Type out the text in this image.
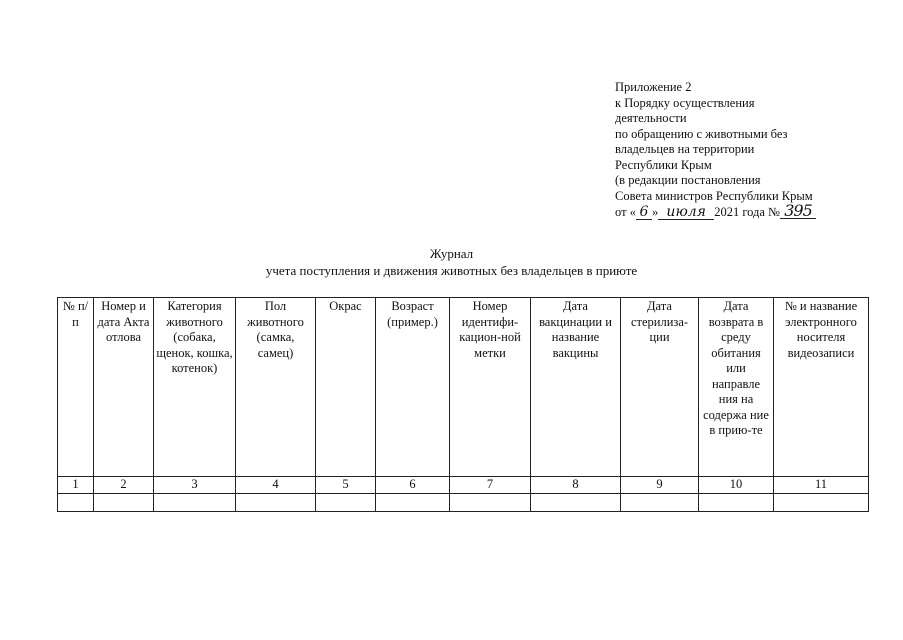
Приложение 2
к Порядку осуществления
деятельности
по обращению с животными без
владельцев на территории
Республики Крым
(в редакции постановления
Совета министров Республики Крым
от « 6 » июля 2021 года № 395
Журнал
учета поступления и движения животных без владельцев в приюте
№ п/п	Номер и дата Акта отлова	Категория животного (собака, щенок, кошка, котенок)	Пол животного (самка, самец)	Окрас	Возраст (пример.)	Номер идентифи-кацион-ной метки	Дата вакцинации и название вакцины	Дата стерилиза-ции	Дата возврата в среду обитания или направле ния на содержа ние в прию-те	№ и название электронного носителя видеозаписи
1	2	3	4	5	6	7	8	9	10	11
